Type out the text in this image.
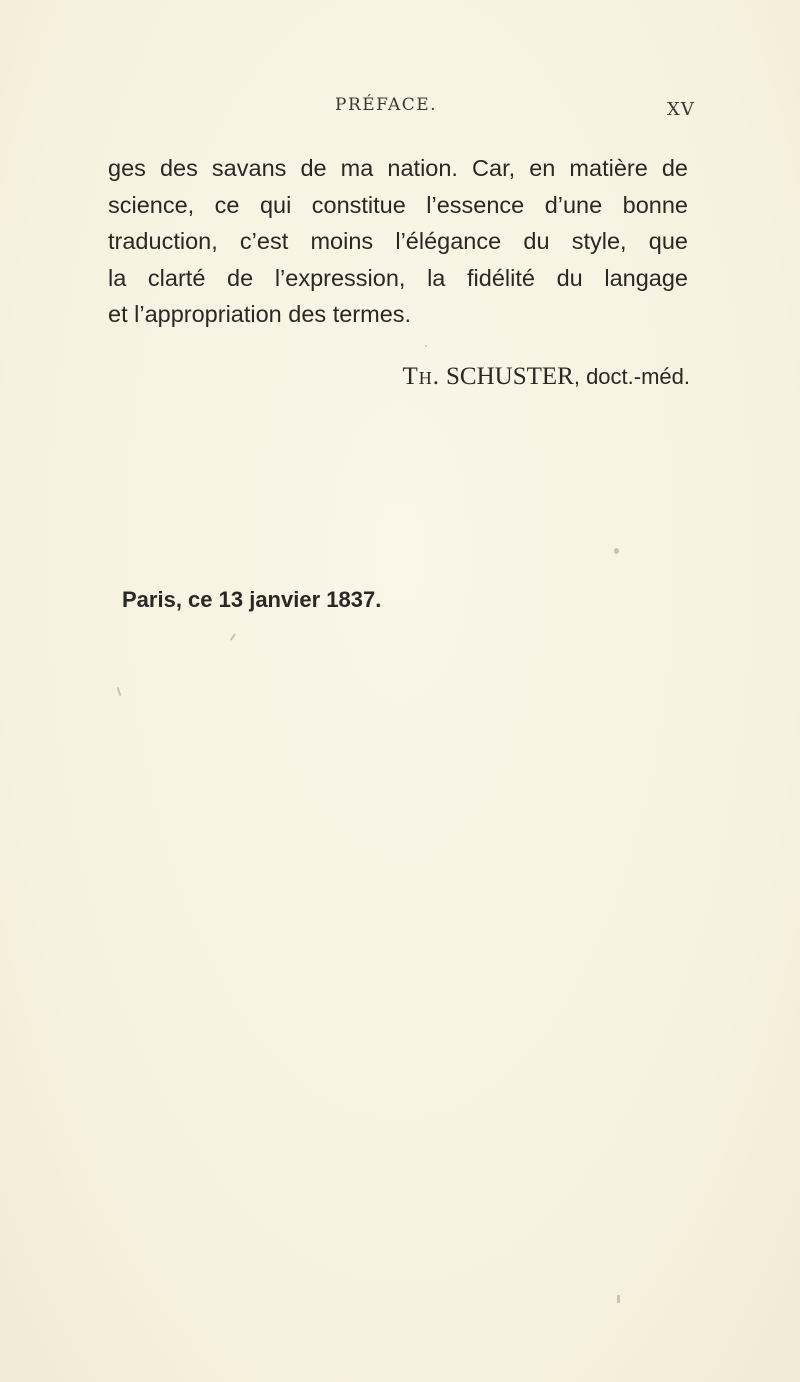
PRÉFACE.	XV
ges des savans de ma nation. Car, en matière de
science, ce qui constitue l’essence d’une bonne
traduction, c’est moins l’élégance du style, que
la clarté de l’expression, la fidélité du langage
et l’appropriation des termes.
Th. SCHUSTER, doct.-méd.
Paris, ce 13 janvier 1837.
